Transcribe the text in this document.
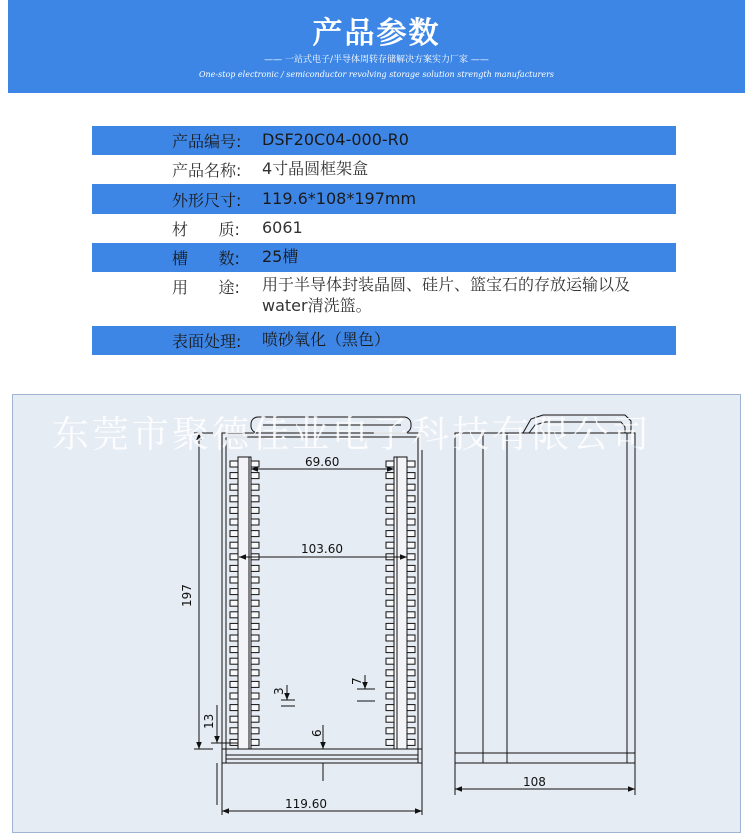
产品参数
—— 一站式电子/半导体周转存储解决方案实力厂家 ——
One-stop electronic / semiconductor revolving storage solution strength manufacturers
产品编号: DSF20C04-000-R0
产品名称: 4寸晶圆框架盒
外形尺寸: 119.6*108*197mm
材      质: 6061
槽      数: 25槽
用      途: 用于半导体封装晶圆、硅片、篮宝石的存放运输以及water清洗篮。
表面处理: 喷砂氧化（黑色）
69.60
103.60
197
3
7
13
6
119.60
108
东莞市聚德佳业电子科技有限公司
